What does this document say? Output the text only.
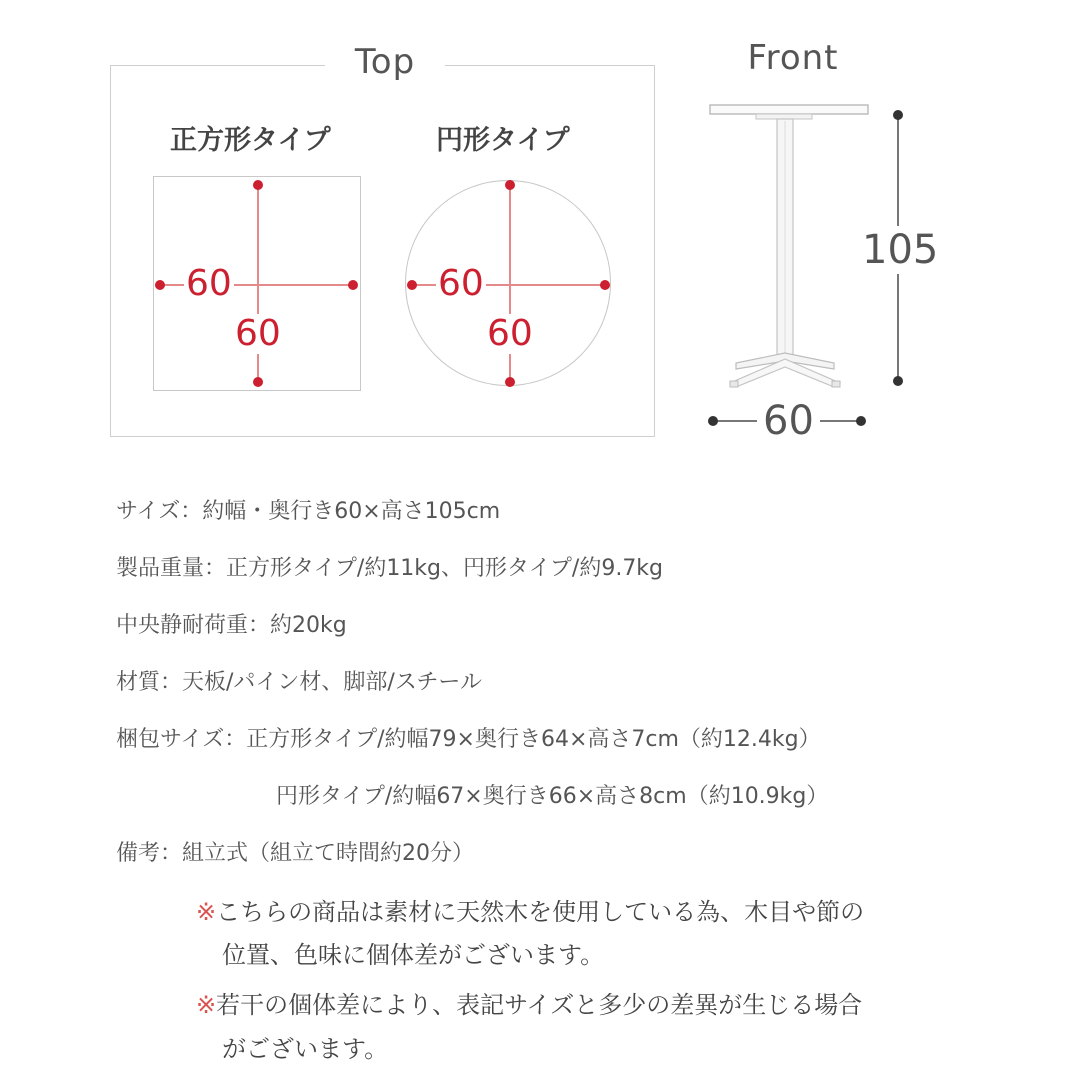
Top
正方形タイプ
60
60
円形タイプ
60
60
Front
105
60
サイズ：約幅・奥行き60×高さ105cm
製品重量：正方形タイプ/約11kg、円形タイプ/約9.7kg
中央静耐荷重：約20kg
材質：天板/パイン材、脚部/スチール
梱包サイズ：正方形タイプ/約幅79×奥行き64×高さ7cm（約12.4kg）
円形タイプ/約幅67×奥行き66×高さ8cm（約10.9kg）
備考：組立式（組立て時間約20分）
※こちらの商品は素材に天然木を使用している為、木目や節の
位置、色味に個体差がございます。
※若干の個体差により、表記サイズと多少の差異が生じる場合
がございます。
